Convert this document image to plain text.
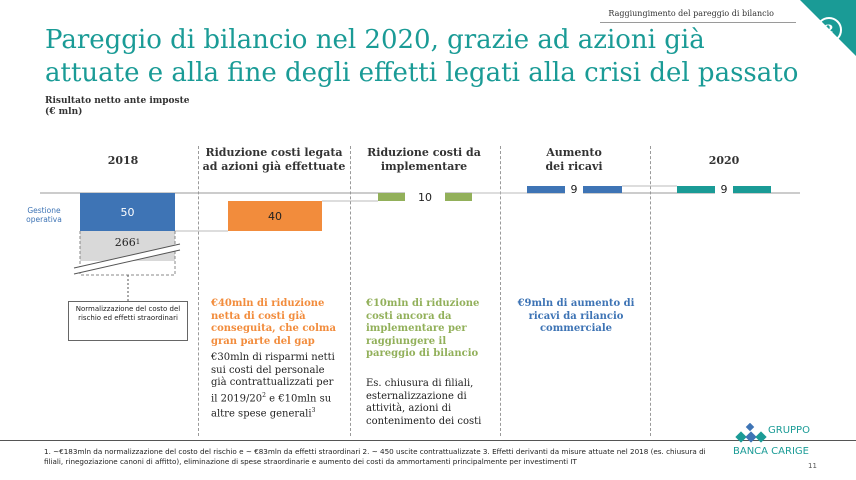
Raggiungimento del pareggio di bilancio
2
Pareggio di bilancio nel 2020, grazie ad azioni già attuate e alla fine degli effetti legati alla crisi del passato
Risultato netto ante imposte
(€ mln)
2018
Riduzione costi legata
ad azioni già effettuate
Riduzione costi da
implementare
Aumento
dei ricavi	2020
50
266 1
40
10
9	9
Gestione operativa
Normalizzazione del costo del rischio ed effetti straordinari
€40mln di riduzione netta di costi già conseguita, che colma gran parte del gap
€30mln di risparmi netti sui costi del personale già contrattualizzati per il $2019/20^2$ e €10mln su altre spese generali$^3$
€10mln di riduzione costi ancora da implementare per raggiungere il pareggio di bilancio
Es. chiusura di filiali, esternalizzazione di attività, azioni di contenimento dei costi
€9mln di aumento di ricavi da rilancio commerciale
1. ~€183mln da normalizzazione del costo del rischio e ~ €83mln da effetti straordinari 2. ~ 450 uscite contrattualizzate 3. Effetti derivanti da misure attuate nel 2018 (es. chiusura di filiali, rinegoziazione canoni di affitto), eliminazione di spese straordinarie e aumento dei costi da ammortamenti principalmente per investimenti IT
GRUPPO
BANCA CARIGE
11
